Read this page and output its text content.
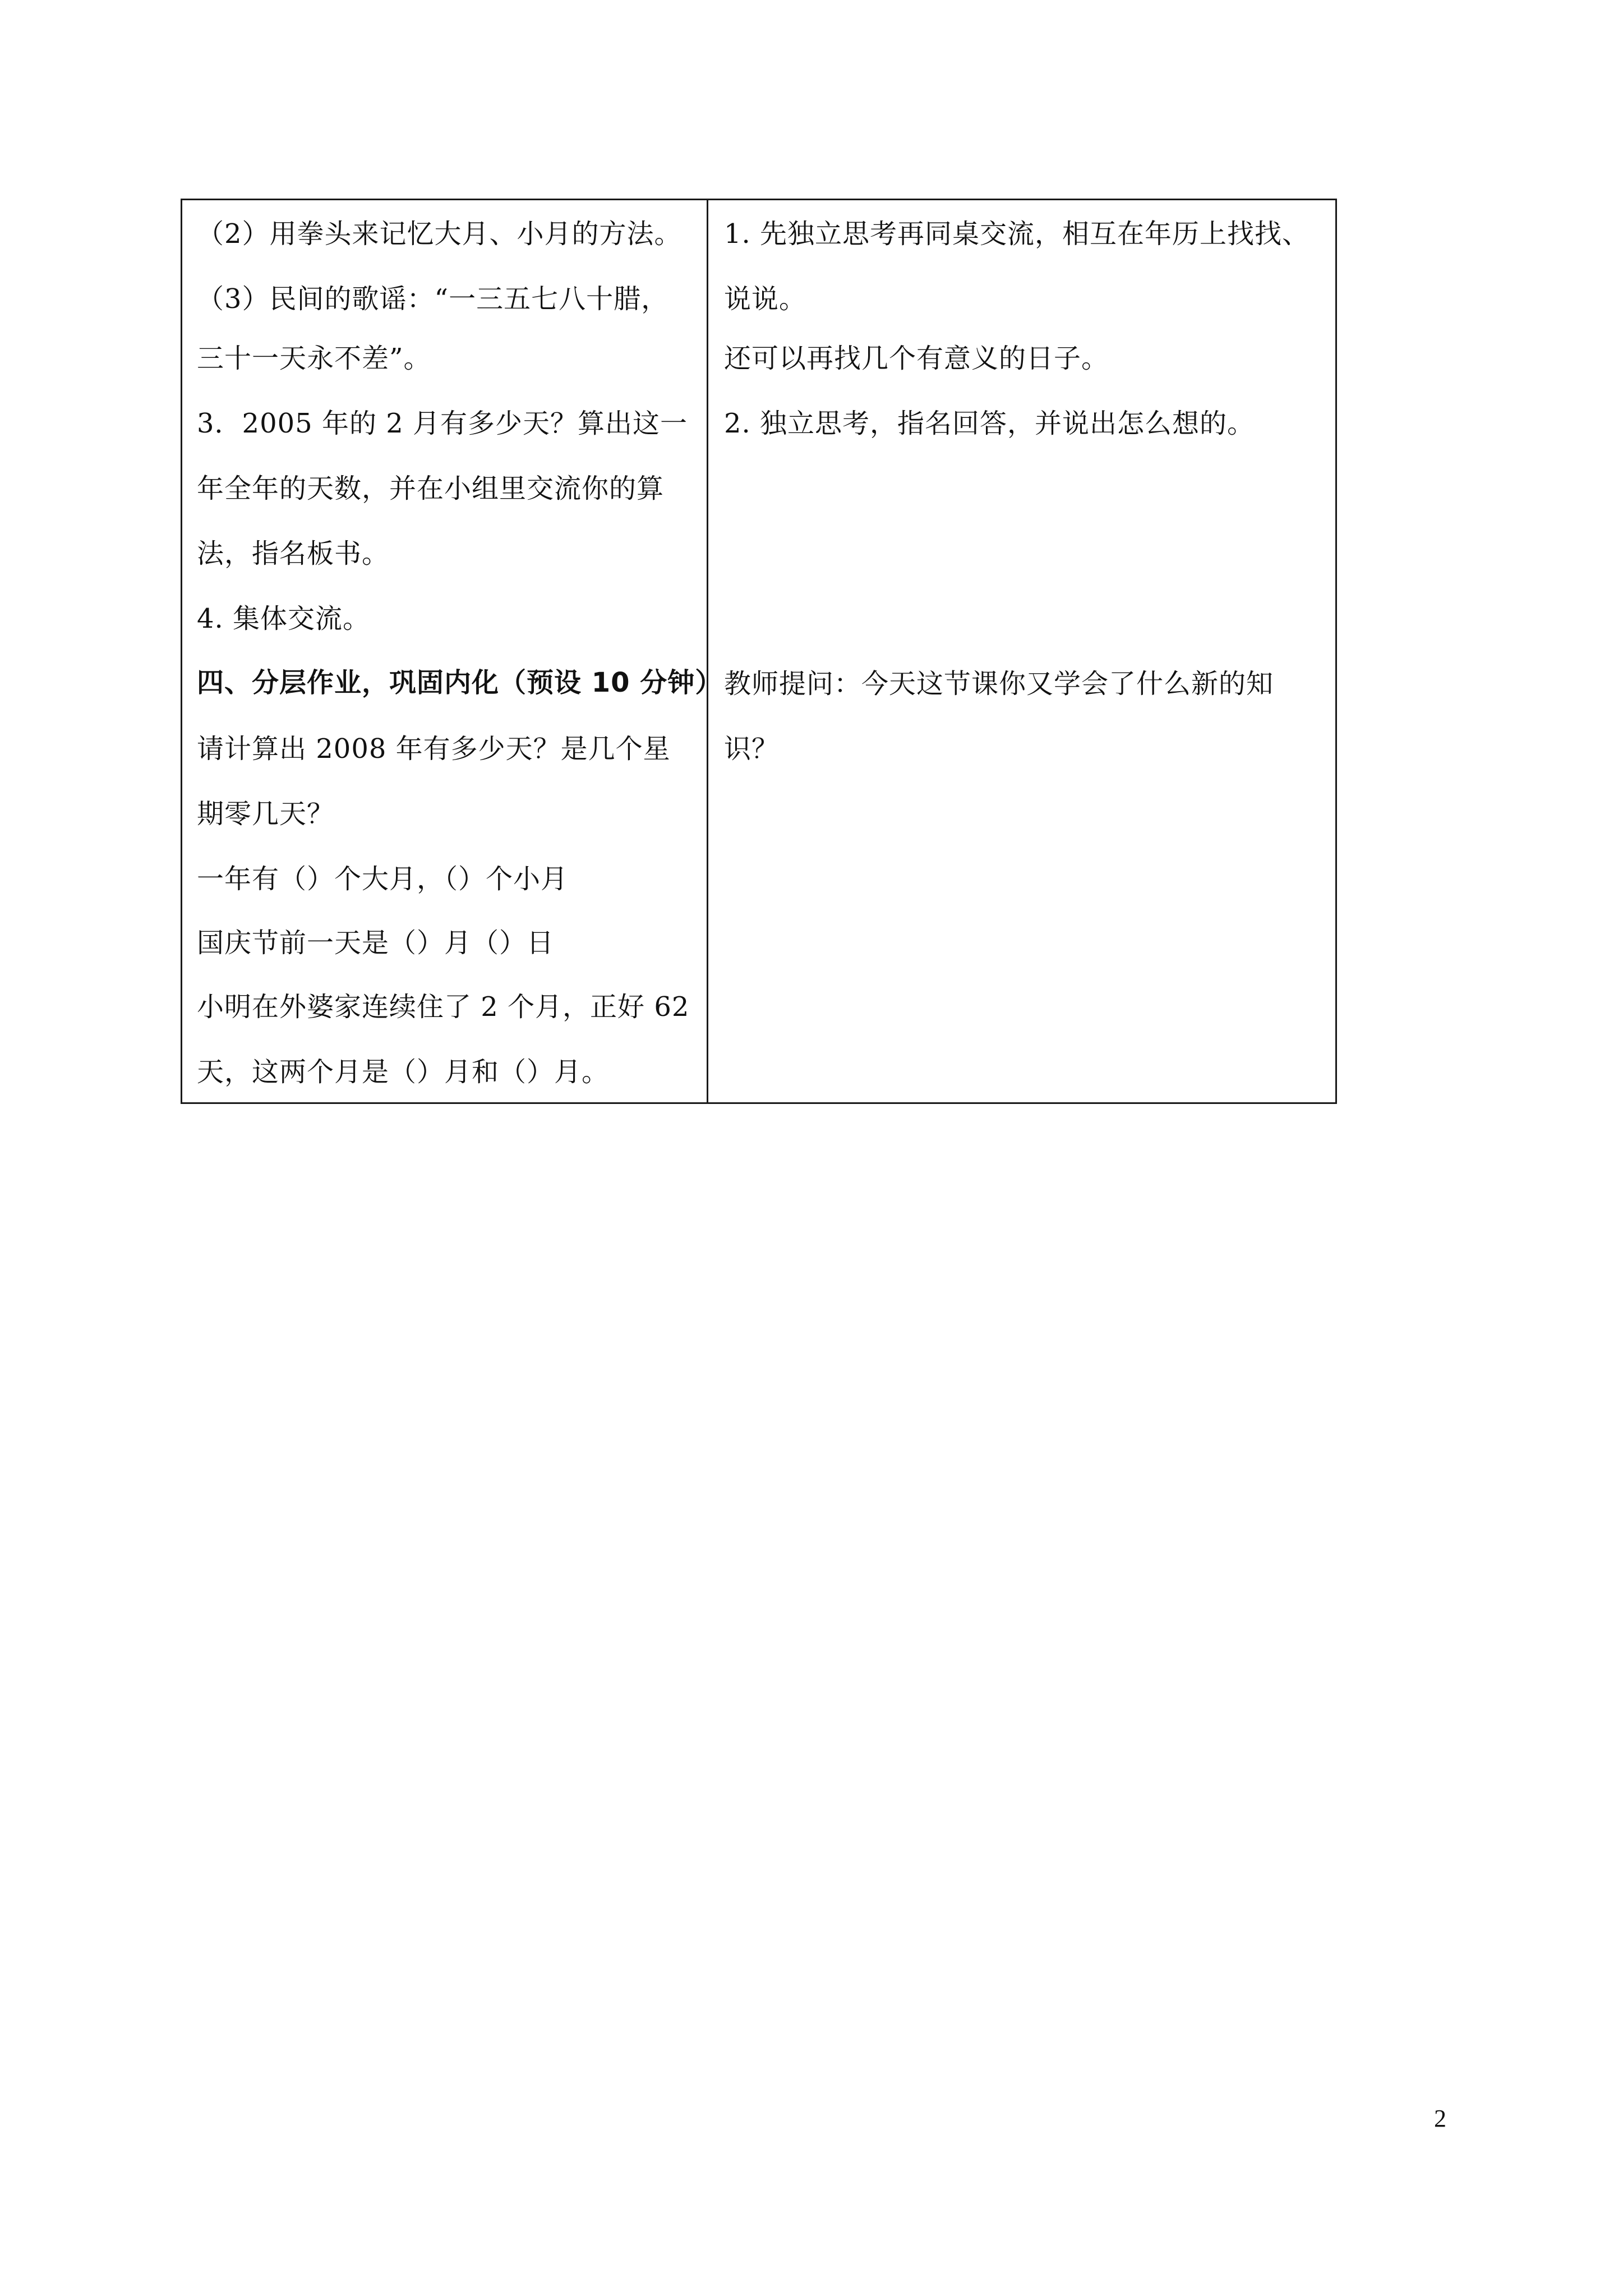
（2）用拳头来记忆大月、小月的方法。
（3）民间的歌谣：“一三五七八十腊，
三十一天永不差”。
3．2005 年的 2 月有多少天？算出这一
年全年的天数，并在小组里交流你的算
法，指名板书。
4. 集体交流。
四、分层作业，巩固内化（预设 10 分钟）
请计算出 2008 年有多少天？是几个星
期零几天？
一年有（）个大月，（）个小月
国庆节前一天是（）月（）日
小明在外婆家连续住了 2 个月，正好 62
天，这两个月是（）月和（）月。
1. 先独立思考再同桌交流，相互在年历上找找、
说说。
还可以再找几个有意义的日子。
2. 独立思考，指名回答，并说出怎么想的。
教师提问：今天这节课你又学会了什么新的知
识？
2
